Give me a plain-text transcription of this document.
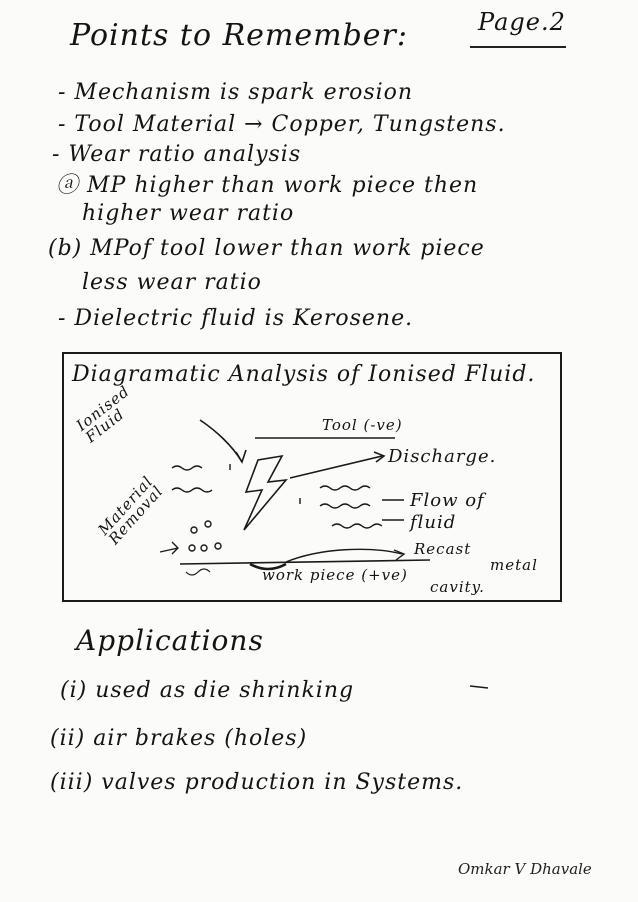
Points to Remember:	Page.2
- Mechanism is spark erosion
- Tool Material → Copper, Tungstens.
- Wear ratio analysis
ⓐ MP higher than work piece then
higher wear ratio
(b) MPof tool lower than work piece
less wear ratio
- Dielectric fluid is Kerosene.
Diagramatic Analysis of Ionised Fluid.
Ionised Fluid	Tool (-ve)
Discharge.
Flow of
fluid
Material Removal
Recast
metal
cavity.
work piece (+ve)
Applications
(i) used as die shrinking
(ii) air brakes (holes)
(iii) valves production in Systems.
Omkar V Dhavale
